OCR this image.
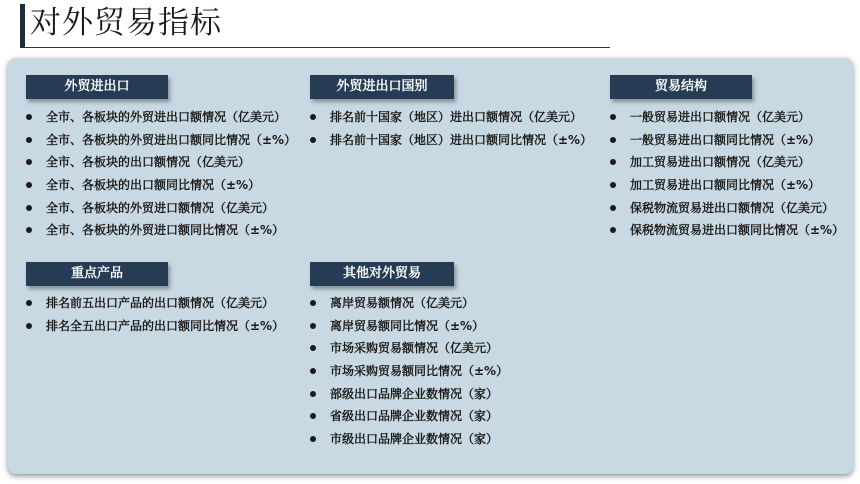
对外贸易指标
外贸进出口
全市、各板块的外贸进出口额情况（亿美元）
全市、各板块的外贸进出口额同比情况（±%）
全市、各板块的出口额情况（亿美元）
全市、各板块的出口额同比情况（±%）
全市、各板块的外贸进口额情况（亿美元）
全市、各板块的外贸进口额同比情况（±%）
外贸进出口国别
排名前十国家（地区）进出口额情况（亿美元）
排名前十国家（地区）进出口额同比情况（±%）
贸易结构
一般贸易进出口额情况（亿美元）
一般贸易进出口额同比情况（±%）
加工贸易进出口额情况（亿美元）
加工贸易进出口额同比情况（±%）
保税物流贸易进出口额情况（亿美元）
保税物流贸易进出口额同比情况（±%）
重点产品
排名前五出口产品的出口额情况（亿美元）
排名全五出口产品的出口额同比情况（±%）
其他对外贸易
离岸贸易额情况（亿美元）
离岸贸易额同比情况（±%）
市场采购贸易额情况（亿美元）
市场采购贸易额同比情况（±%）
部级出口品牌企业数情况（家）
省级出口品牌企业数情况（家）
市级出口品牌企业数情况（家）
